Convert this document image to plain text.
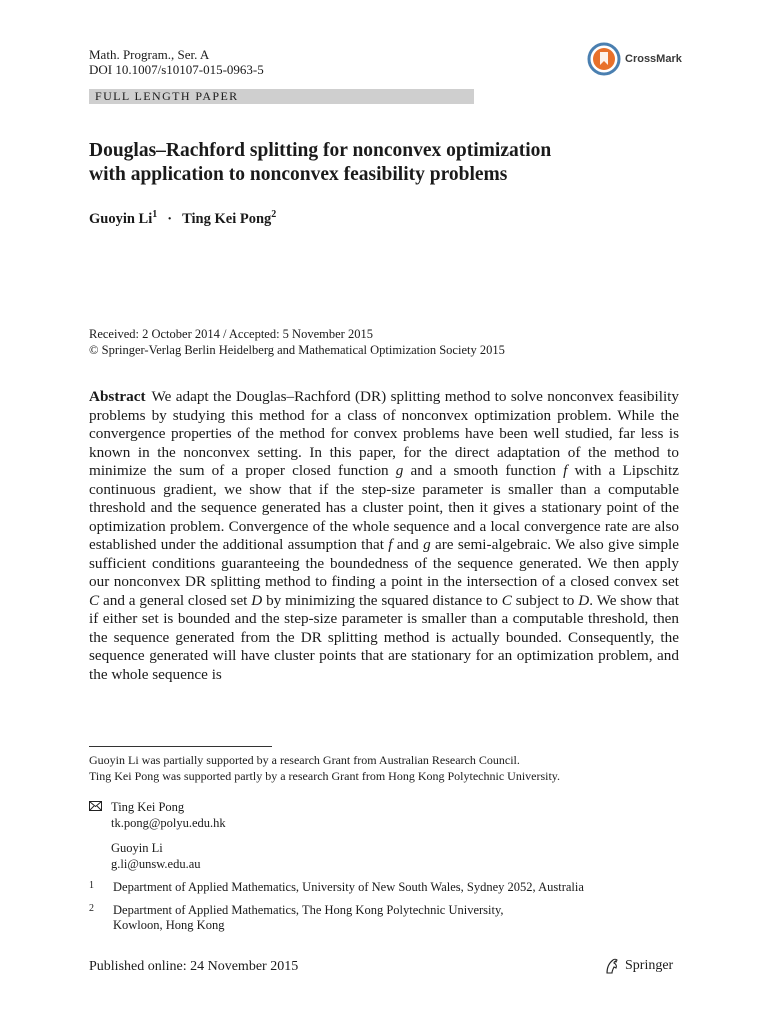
Math. Program., Ser. A
DOI 10.1007/s10107-015-0963-5
CrossMark
FULL LENGTH PAPER
Douglas–Rachford splitting for nonconvex optimization
with application to nonconvex feasibility problems
Guoyin $Li^1$ · Ting Kei Pong$^2$
Received: 2 October 2014 / Accepted: 5 November 2015
© Springer-Verlag Berlin Heidelberg and Mathematical Optimization Society 2015
Abstract We adapt the Douglas–Rachford (DR) splitting method to solve nonconvex feasibility problems by studying this method for a class of nonconvex optimization problem. While the convergence properties of the method for convex problems have been well studied, far less is known in the nonconvex setting. In this paper, for the direct adaptation of the method to minimize the sum of a proper closed function g and a smooth function f with a Lipschitz continuous gradient, we show that if the step-size parameter is smaller than a computable threshold and the sequence generated has a cluster point, then it gives a stationary point of the optimization problem. Convergence of the whole sequence and a local convergence rate are also established under the additional assumption that f and g are semi-algebraic. We also give simple sufficient conditions guaranteeing the boundedness of the sequence generated. We then apply our nonconvex DR splitting method to finding a point in the intersection of a closed convex set C and a general closed set D by minimizing the squared distance to C subject to D. We show that if either set is bounded and the step-size parameter is smaller than a computable threshold, then the sequence generated from the DR splitting method is actually bounded. Consequently, the sequence generated will have cluster points that are stationary for an optimization problem, and the whole sequence is
Guoyin Li was partially supported by a research Grant from Australian Research Council.
Ting Kei Pong was supported partly by a research Grant from Hong Kong Polytechnic University.
Ting Kei Pong
tk.pong@polyu.edu.hk
Guoyin Li
g.li@unsw.edu.au
1	Department of Applied Mathematics, University of New South Wales, Sydney 2052, Australia
2	Department of Applied Mathematics, The Hong Kong Polytechnic University,
Kowloon, Hong Kong
Published online: 24 November 2015	Springer
